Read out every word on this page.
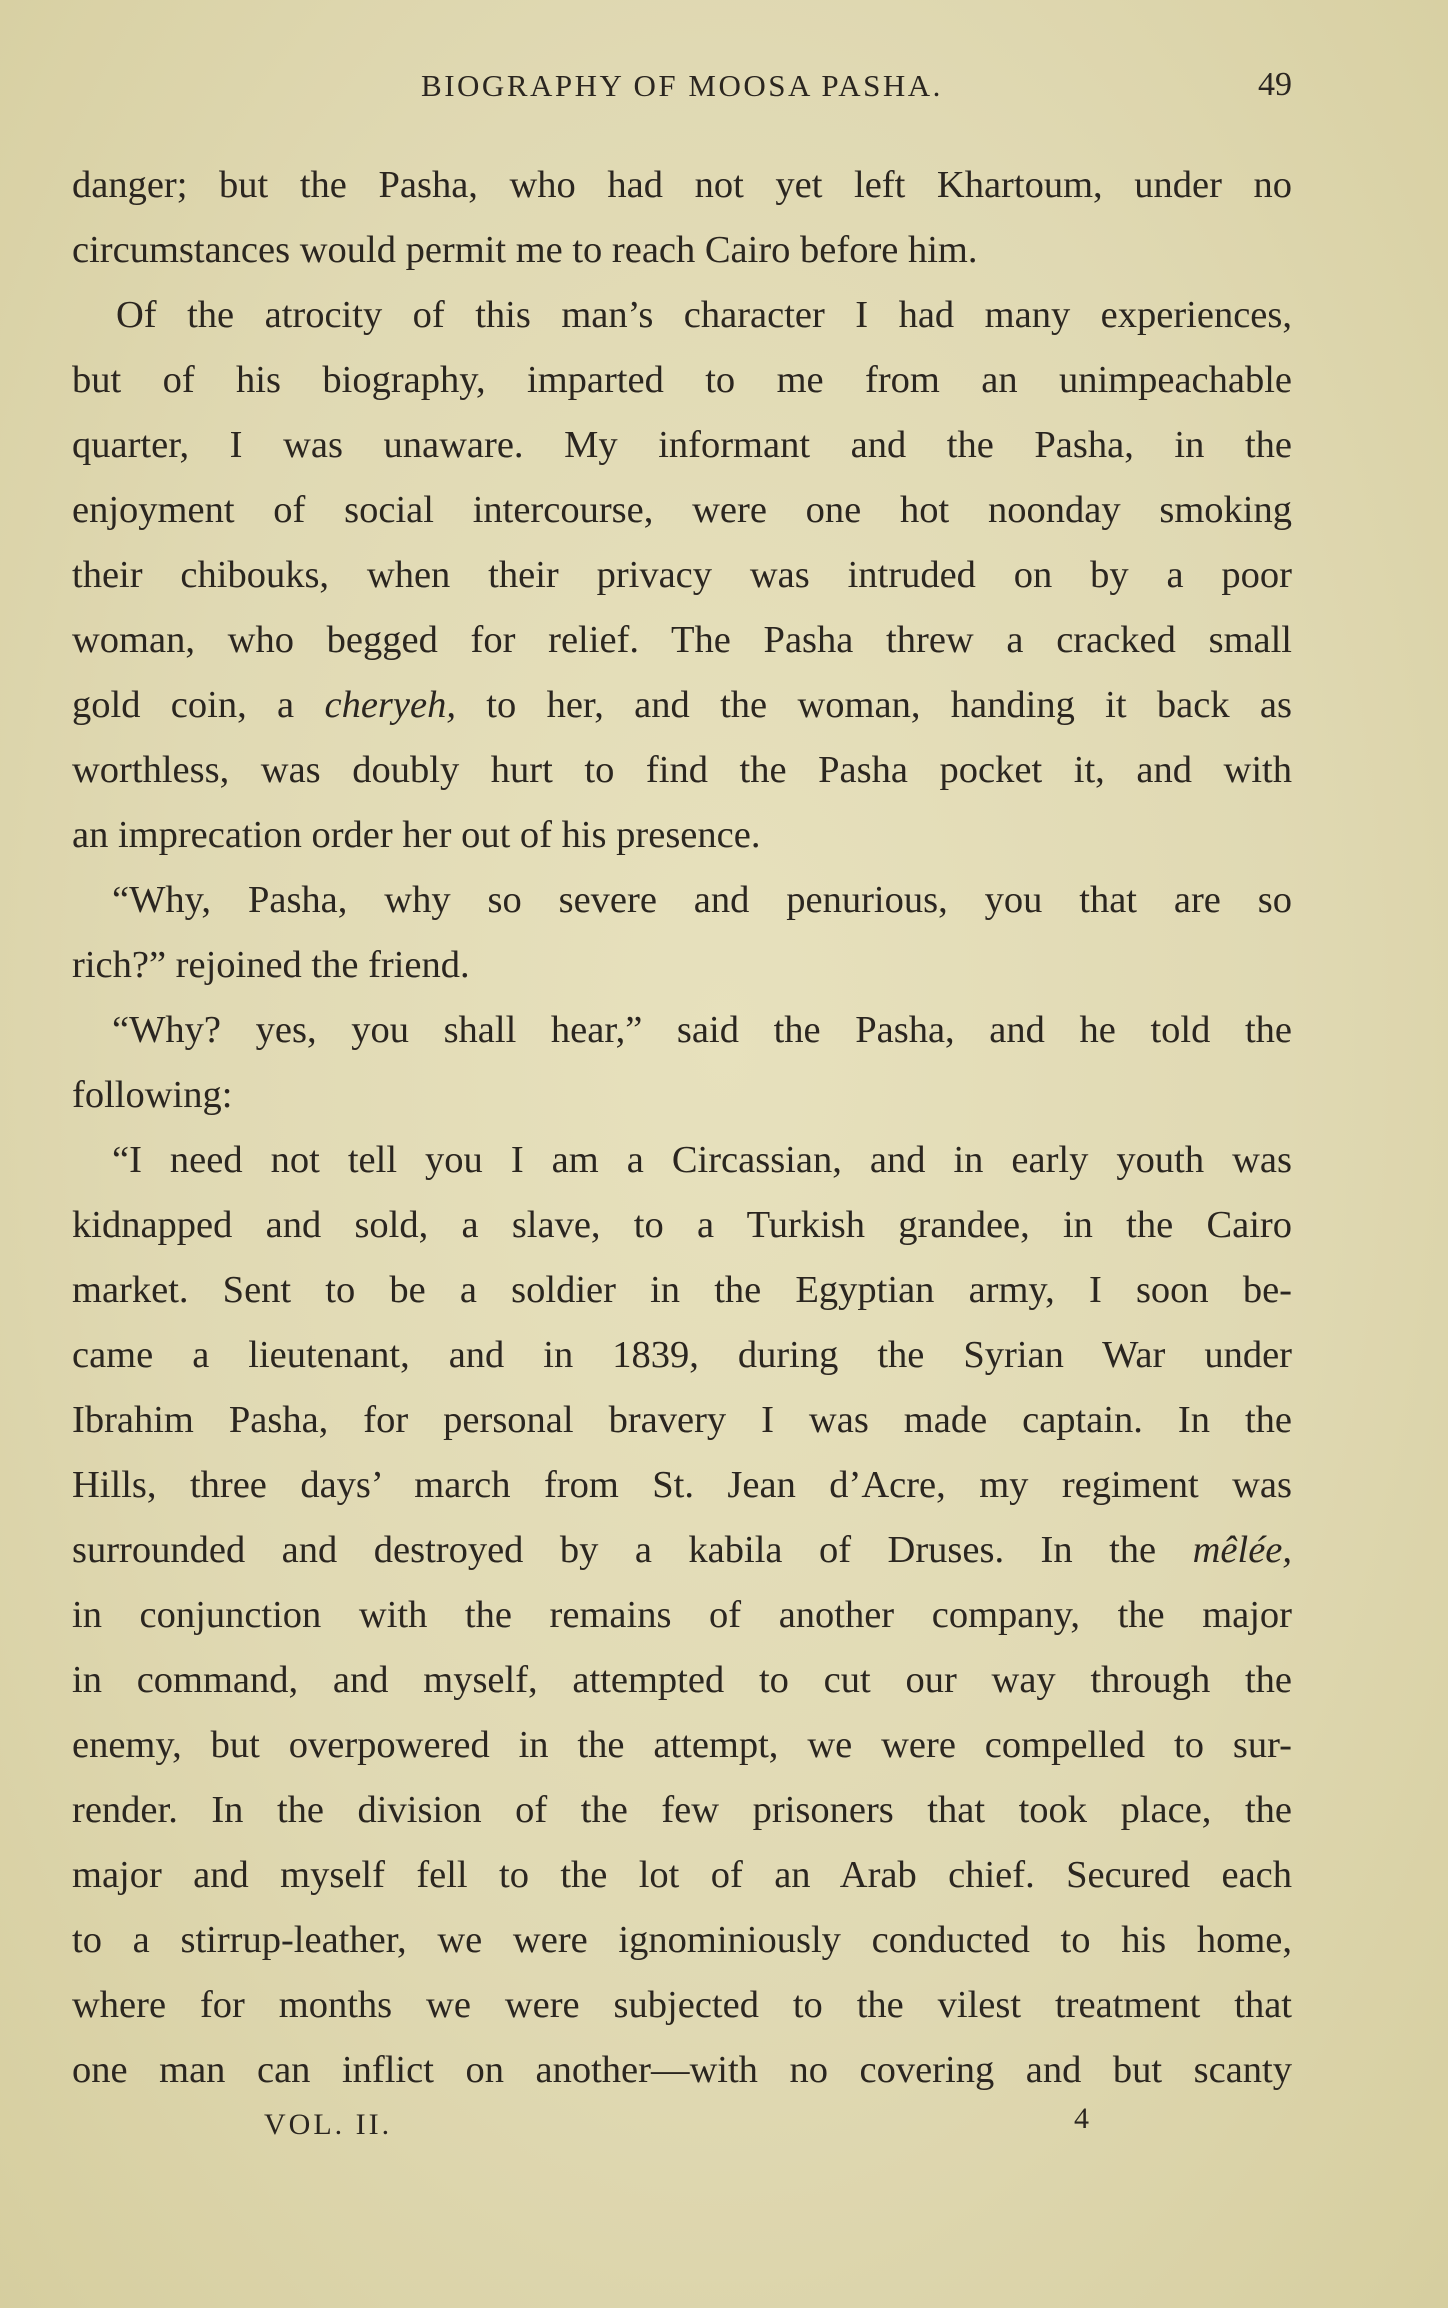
BIOGRAPHY OF MOOSA PASHA.	49
danger; but the Pasha, who had not yet left Khartoum, under no
circumstances would permit me to reach Cairo before him.
Of the atrocity of this man’s character I had many experiences,
but of his biography, imparted to me from an unimpeachable
quarter, I was unaware. My informant and the Pasha, in the
enjoyment of social intercourse, were one hot noonday smoking
their chibouks, when their privacy was intruded on by a poor
woman, who begged for relief. The Pasha threw a cracked small
gold coin, a cheryeh, to her, and the woman, handing it back as
worthless, was doubly hurt to find the Pasha pocket it, and with
an imprecation order her out of his presence.
“Why, Pasha, why so severe and penurious, you that are so
rich?” rejoined the friend.
“Why? yes, you shall hear,” said the Pasha, and he told the
following:
“I need not tell you I am a Circassian, and in early youth was
kidnapped and sold, a slave, to a Turkish grandee, in the Cairo
market. Sent to be a soldier in the Egyptian army, I soon be-
came a lieutenant, and in 1839, during the Syrian War under
Ibrahim Pasha, for personal bravery I was made captain. In the
Hills, three days’ march from St. Jean d’Acre, my regiment was
surrounded and destroyed by a kabila of Druses. In the mêlée,
in conjunction with the remains of another company, the major
in command, and myself, attempted to cut our way through the
enemy, but overpowered in the attempt, we were compelled to sur-
render. In the division of the few prisoners that took place, the
major and myself fell to the lot of an Arab chief. Secured each
to a stirrup-leather, we were ignominiously conducted to his home,
where for months we were subjected to the vilest treatment that
one man can inflict on another—with no covering and but scanty
VOL. II.	4
